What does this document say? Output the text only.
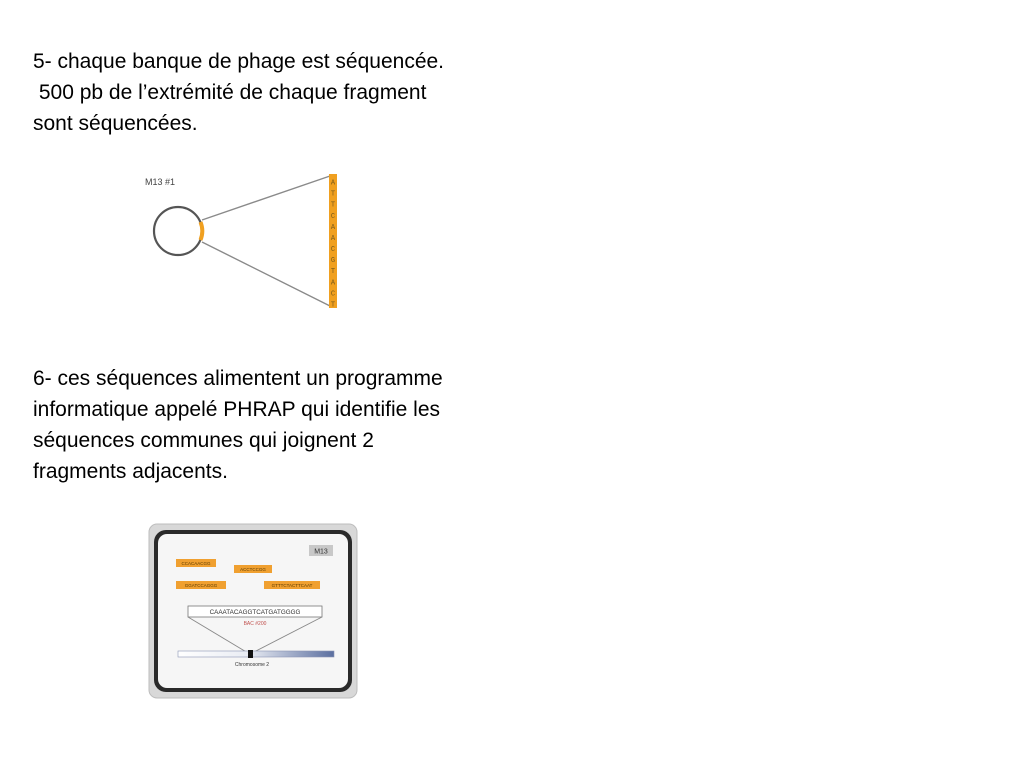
5- chaque banque de phage est séquencée.
500 pb de l’extrémité de chaque fragment
sont séquencées.

M13 #1	A
T
T
C
A
A
C
G
T
A
C
T

6- ces séquences alimentent un programme
informatique appelé PHRAP qui identifie les
séquences communes qui joignent 2
fragments adjacents.

M13
CCACAACGG
ACCTCCGG
GGATCCAGGG	GTTTCTACTTCAAT
CAAATACAGGTCATGATGGGG
BAC #200
Chromosome 2
